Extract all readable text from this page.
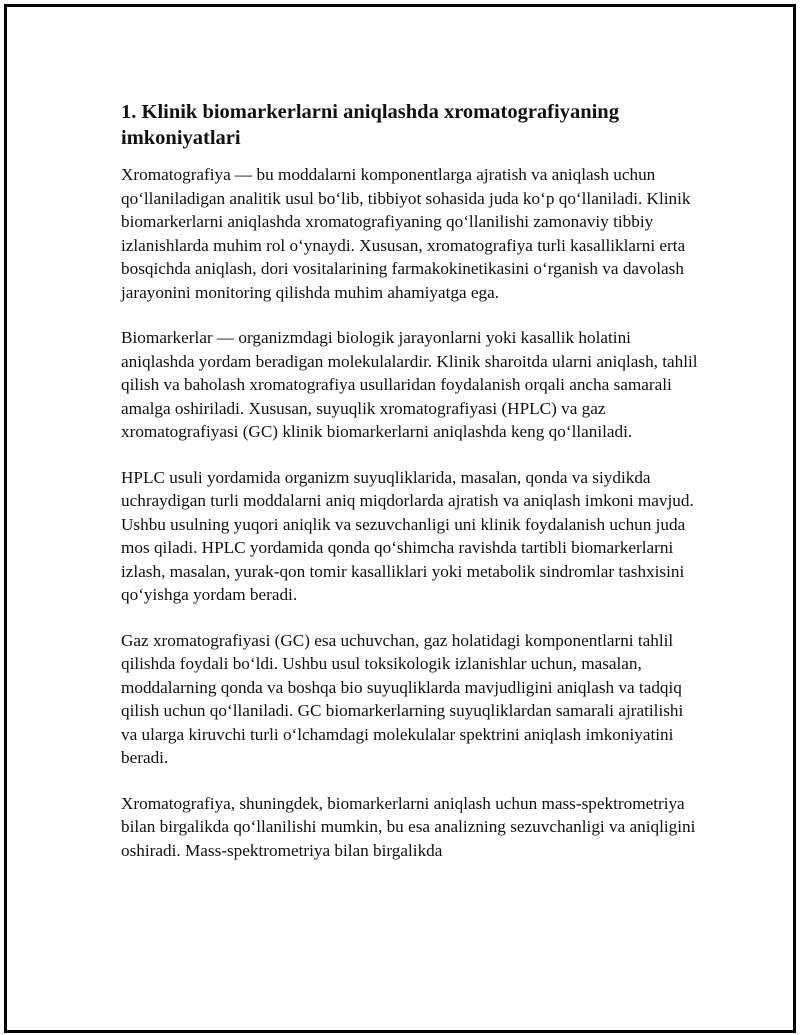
1. Klinik biomarkerlarni aniqlashda xromatografiyaning imkoniyatlari

Xromatografiya — bu moddalarni komponentlarga ajratish va aniqlash uchun qo‘llaniladigan analitik usul bo‘lib, tibbiyot sohasida juda ko‘p qo‘llaniladi. Klinik biomarkerlarni aniqlashda xromatografiyaning qo‘llanilishi zamonaviy tibbiy izlanishlarda muhim rol o‘ynaydi. Xususan, xromatografiya turli kasalliklarni erta bosqichda aniqlash, dori vositalarining farmakokinetikasini o‘rganish va davolash jarayonini monitoring qilishda muhim ahamiyatga ega.

Biomarkerlar — organizmdagi biologik jarayonlarni yoki kasallik holatini aniqlashda yordam beradigan molekulalardir. Klinik sharoitda ularni aniqlash, tahlil qilish va baholash xromatografiya usullaridan foydalanish orqali ancha samarali amalga oshiriladi. Xususan, suyuqlik xromatografiyasi (HPLC) va gaz xromatografiyasi (GC) klinik biomarkerlarni aniqlashda keng qo‘llaniladi.

HPLC usuli yordamida organizm suyuqliklarida, masalan, qonda va siydikda uchraydigan turli moddalarni aniq miqdorlarda ajratish va aniqlash imkoni mavjud. Ushbu usulning yuqori aniqlik va sezuvchanligi uni klinik foydalanish uchun juda mos qiladi. HPLC yordamida qonda qo‘shimcha ravishda tartibli biomarkerlarni izlash, masalan, yurak-qon tomir kasalliklari yoki metabolik sindromlar tashxisini qo‘yishga yordam beradi.

Gaz xromatografiyasi (GC) esa uchuvchan, gaz holatidagi komponentlarni tahlil qilishda foydali bo‘ldi. Ushbu usul toksikologik izlanishlar uchun, masalan, moddalarning qonda va boshqa bio suyuqliklarda mavjudligini aniqlash va tadqiq qilish uchun qo‘llaniladi. GC biomarkerlarning suyuqliklardan samarali ajratilishi va ularga kiruvchi turli o‘lchamdagi molekulalar spektrini aniqlash imkoniyatini beradi.

Xromatografiya, shuningdek, biomarkerlarni aniqlash uchun mass-spektrometriya bilan birgalikda qo‘llanilishi mumkin, bu esa analizning sezuvchanligi va aniqligini oshiradi. Mass-spektrometriya bilan birgalikda
